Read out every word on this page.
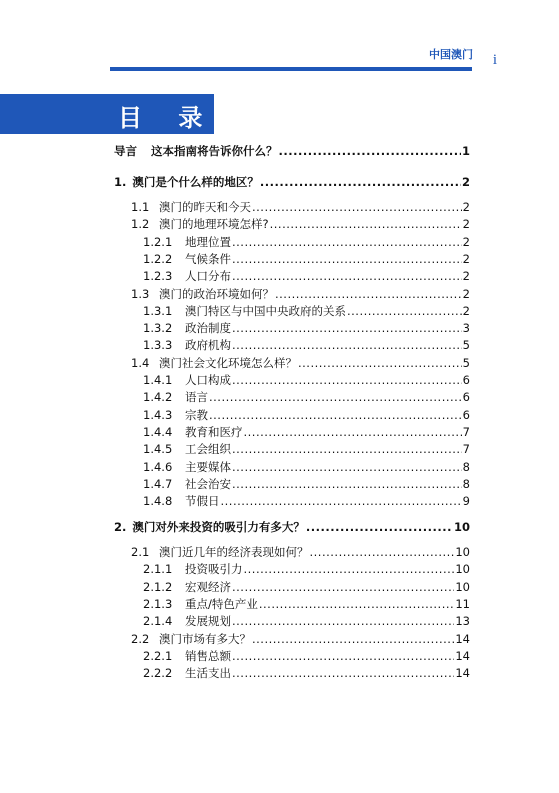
中国澳门 i
目 录
导言 这本指南将告诉你什么？ .....	1
1. 澳门是个什么样的地区？ .....	2
1.1 澳门的昨天和今天 .....	2
1.2 澳门的地理环境怎样? .....	2
1.2.1	地理位置 .....	2
1.2.2	气候条件 .....	2
1.2.3	人口分布 .....	2
1.3 澳门的政治环境如何？ .....	2
1.3.1	澳门特区与中国中央政府的关系 .....	2
1.3.2	政治制度 .....	3
1.3.3	政府机构 .....	5
1.4 澳门社会文化环境怎么样？ .....	5
1.4.1	人口构成 .....	6
1.4.2	语言 .....	6
1.4.3	宗教 .....	6
1.4.4	教育和医疗 .....	7
1.4.5	工会组织 .....	7
1.4.6	主要媒体 .....	8
1.4.7	社会治安 .....	8
1.4.8	节假日 .....	9
2. 澳门对外来投资的吸引力有多大？ .....	10
2.1 澳门近几年的经济表现如何？ .....	10
2.1.1	投资吸引力 .....	10
2.1.2	宏观经济 .....	10
2.1.3	重点/特色产业 .....	11
2.1.4	发展规划 .....	13
2.2 澳门市场有多大？ .....	14
2.2.1	销售总额 .....	14
2.2.2	生活支出 .....	14
